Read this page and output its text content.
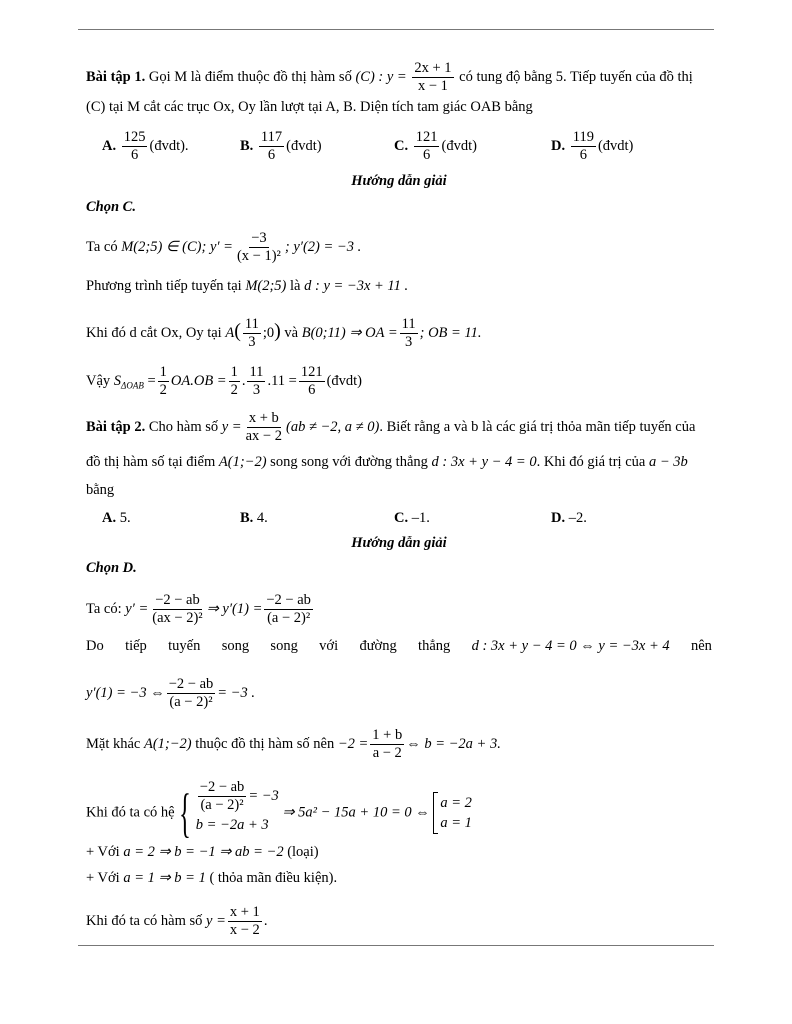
Bài tập 1. Gọi M là điểm thuộc đồ thị hàm số (C) : $y = \frac{2x + 1}{x - 1}$ có tung độ bằng 5. Tiếp tuyến của đồ thị
(C) tại M cắt các trục Ox, Oy lần lượt tại A, B. Diện tích tam giác OAB bằng
A. $\frac{125}{6}$ (đvdt).	B. $\frac{117}{6}$ (đvdt)	C. $\frac{121}{6}$ (đvdt)	D. $\frac{119}{6}$ (đvdt)
Hướng dẫn giải
Chọn C.
Ta có M(2;5) ∈ (C); $y' = \frac{-3}{\text{(x − 1)²}}$ ; y′(2) = −3 .
Phương trình tiếp tuyến tại M(2;5) là d : y = −3x + 11 .
Khi đó d cắt Ox, Oy tại $A( \frac{11}{3}$ ;0) và B(0;11) ⇒ OA = $\frac{11}{3}$ ; OB = 11.
Vậy $S_{\Delta OAB} = \frac{1}{2} OA.OB = \frac{1}{2}$ . $\frac{11}{3} .11 = \frac{121}{6}$ (đvdt)
Bài tập 2. Cho hàm số $y = \frac{x + b}{ax - 2} (ab \ne -2$, a ≠ 0). Biết rằng a và b là các giá trị thỏa mãn tiếp tuyến của
đồ thị hàm số tại điểm A(1;−2) song song với đường thẳng d : 3x + y − 4 = 0. Khi đó giá trị của a − 3b
bằng
A. 5.	B. 4.	C. –1.	D. –2.
Hướng dẫn giải
Chọn D.
Ta có: $y' = \frac{-2 - ab}{\text{(ax − 2)²}}$ ⇒ $y'(1) = \frac{-2 - ab}{\text{(a − 2)²}}$
Do tiếp tuyến song song với đường thẳng d : 3x + y − 4 = 0 ⇔ y = −3x + 4 nên
y′(1) = −3 ⇔ $\frac{-2 - ab}{\text{(a − 2)²}} = -3$ .
Mặt khác A(1;−2) thuộc đồ thị hàm số nên $-2 = \frac{1 + b}{a - 2}$ ⇔ b = −2a + 3.
Khi đó ta có hệ { $\frac{-2 - ab}{\text{(a − 2)²}} = -3$
b = −2a + 3
⇒ 5a² − 15a + 10 = 0 ⇔
a = 2
a = 1
+ Với a = 2 ⇒ b = −1 ⇒ ab = −2 (loại)
+ Với a = 1 ⇒ b = 1 ( thỏa mãn điều kiện).
Khi đó ta có hàm số $y = \frac{x + 1}{x - 2}$ .
